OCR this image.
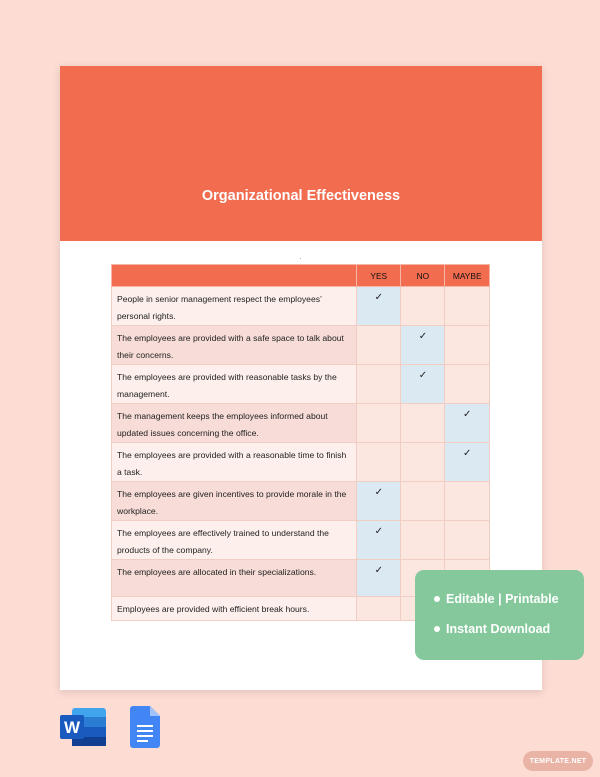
Organizational Effectiveness
	YES	NO	MAYBE
People in senior management respect the employees’ personal rights.	✓		
The employees are provided with a safe space to talk about their concerns.		✓	
The employees are provided with reasonable tasks by the management.		✓	
The management keeps the employees informed about updated issues concerning the office.			✓
The employees are provided with a reasonable time to finish a task.			✓
The employees are given incentives to provide morale in the workplace.	✓		
The employees are effectively trained to understand the products of the company.	✓		
The employees are allocated in their specializations.	✓		
Employees are provided with efficient break hours.			
Editable | Printable
Instant Download
W
TEMPLATE.NET
